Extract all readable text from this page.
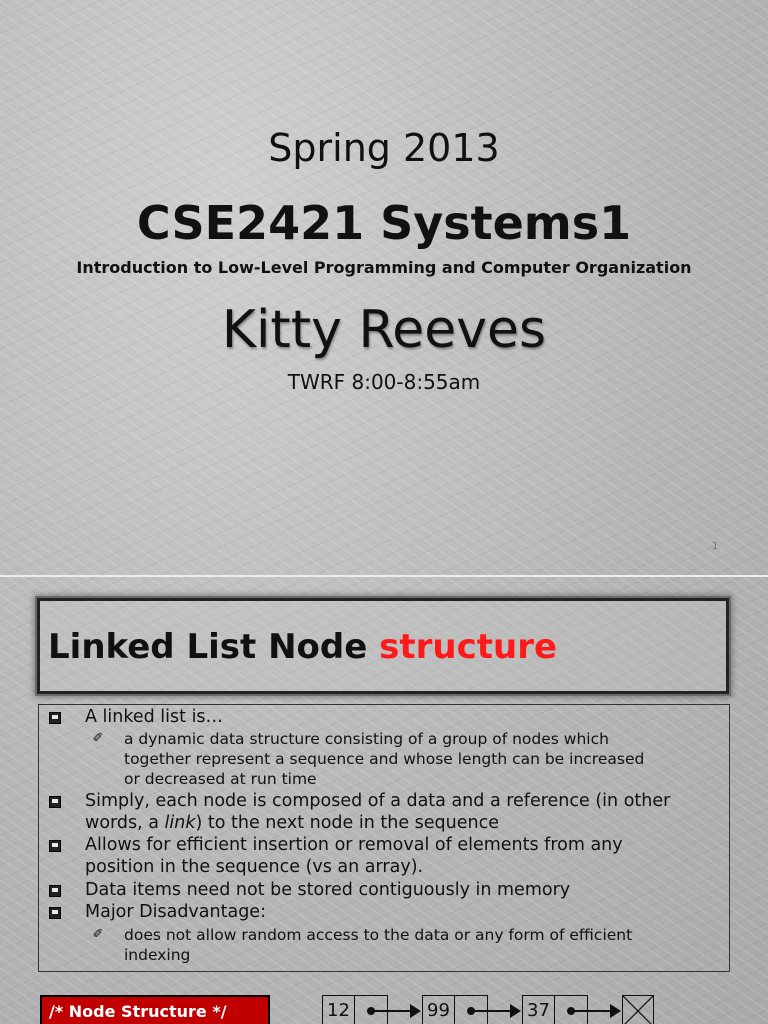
Spring 2013
CSE2421 Systems1
Introduction to Low-Level Programming and Computer Organization
Kitty Reeves
TWRF 8:00-8:55am
1
Linked List Node structure
A linked list is…
✐ a dynamic data structure consisting of a group of nodes which
together represent a sequence and whose length can be increased
or decreased at run time
Simply, each node is composed of a data and a reference (in other
words, a link) to the next node in the sequence
Allows for efficient insertion or removal of elements from any
position in the sequence (vs an array).
Data items need not be stored contiguously in memory
Major Disadvantage:
✐ does not allow random access to the data or any form of efficient
indexing
/* Node Structure */	12	99	37
